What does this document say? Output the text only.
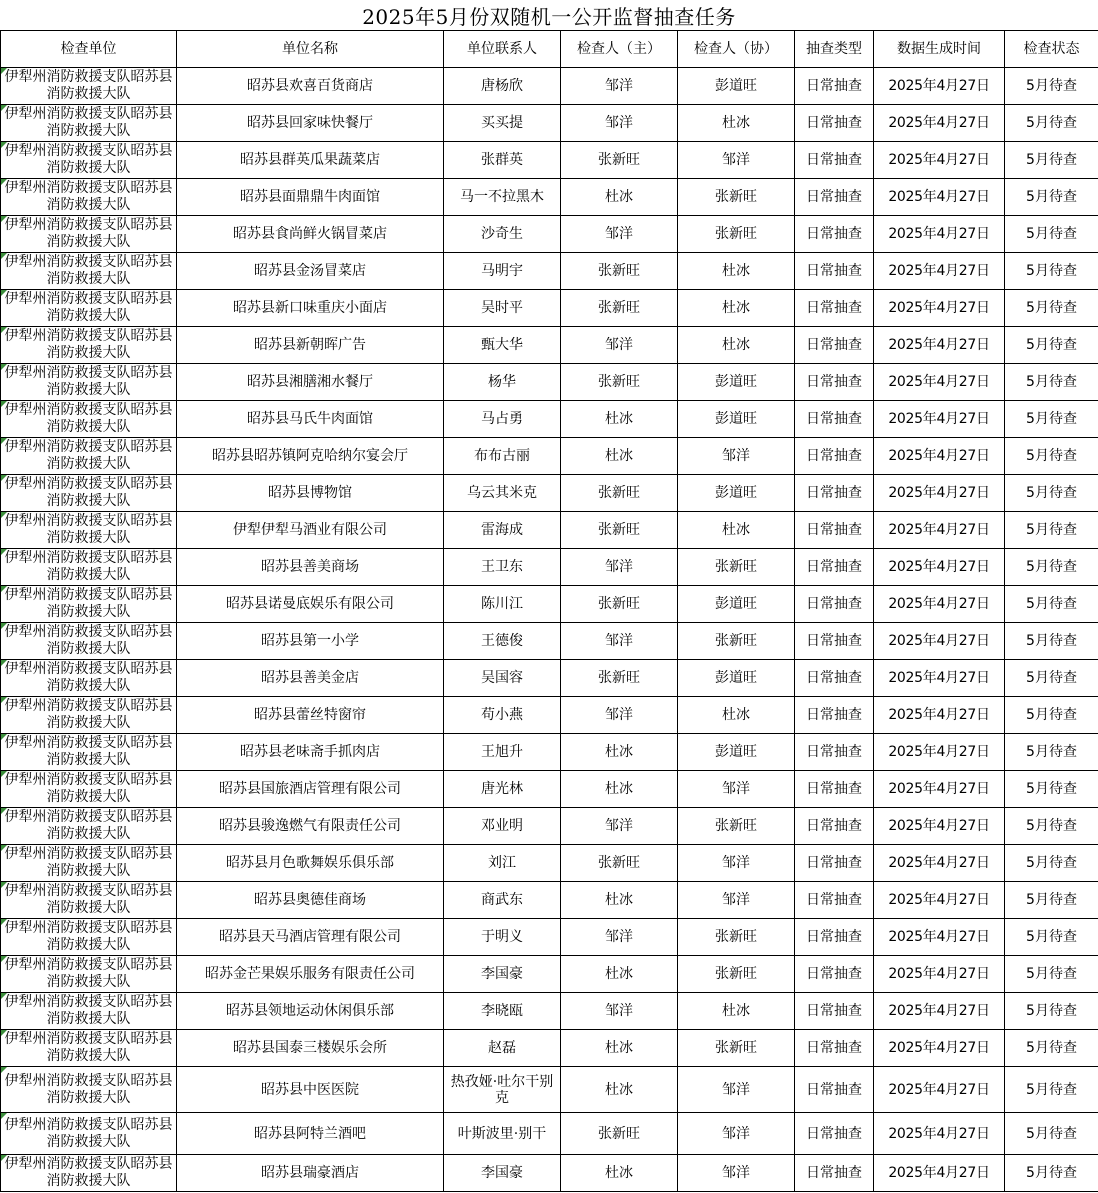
2025年5月份双随机一公开监督抽查任务
检查单位	单位名称	单位联系人	检查人（主）	检查人（协）	抽查类型	数据生成时间	检查状态
伊犁州消防救援支队昭苏县消防救援大队	昭苏县欢喜百货商店	唐杨欣	邹洋	彭道旺	日常抽查	2025年4月27日	5月待查
伊犁州消防救援支队昭苏县消防救援大队	昭苏县回家味快餐厅	买买提	邹洋	杜冰	日常抽查	2025年4月27日	5月待查
伊犁州消防救援支队昭苏县消防救援大队	昭苏县群英瓜果蔬菜店	张群英	张新旺	邹洋	日常抽查	2025年4月27日	5月待查
伊犁州消防救援支队昭苏县消防救援大队	昭苏县面鼎鼎牛肉面馆	马一不拉黑木	杜冰	张新旺	日常抽查	2025年4月27日	5月待查
伊犁州消防救援支队昭苏县消防救援大队	昭苏县食尚鲜火锅冒菜店	沙奇生	邹洋	张新旺	日常抽查	2025年4月27日	5月待查
伊犁州消防救援支队昭苏县消防救援大队	昭苏县金汤冒菜店	马明宇	张新旺	杜冰	日常抽查	2025年4月27日	5月待查
伊犁州消防救援支队昭苏县消防救援大队	昭苏县新口味重庆小面店	吴时平	张新旺	杜冰	日常抽查	2025年4月27日	5月待查
伊犁州消防救援支队昭苏县消防救援大队	昭苏县新朝晖广告	甄大华	邹洋	杜冰	日常抽查	2025年4月27日	5月待查
伊犁州消防救援支队昭苏县消防救援大队	昭苏县湘膳湘水餐厅	杨华	张新旺	彭道旺	日常抽查	2025年4月27日	5月待查
伊犁州消防救援支队昭苏县消防救援大队	昭苏县马氏牛肉面馆	马占勇	杜冰	彭道旺	日常抽查	2025年4月27日	5月待查
伊犁州消防救援支队昭苏县消防救援大队	昭苏县昭苏镇阿克哈纳尔宴会厅	布布古丽	杜冰	邹洋	日常抽查	2025年4月27日	5月待查
伊犁州消防救援支队昭苏县消防救援大队	昭苏县博物馆	乌云其米克	张新旺	彭道旺	日常抽查	2025年4月27日	5月待查
伊犁州消防救援支队昭苏县消防救援大队	伊犁伊犁马酒业有限公司	雷海成	张新旺	杜冰	日常抽查	2025年4月27日	5月待查
伊犁州消防救援支队昭苏县消防救援大队	昭苏县善美商场	王卫东	邹洋	张新旺	日常抽查	2025年4月27日	5月待查
伊犁州消防救援支队昭苏县消防救援大队	昭苏县诺曼底娱乐有限公司	陈川江	张新旺	彭道旺	日常抽查	2025年4月27日	5月待查
伊犁州消防救援支队昭苏县消防救援大队	昭苏县第一小学	王德俊	邹洋	张新旺	日常抽查	2025年4月27日	5月待查
伊犁州消防救援支队昭苏县消防救援大队	昭苏县善美金店	吴国容	张新旺	彭道旺	日常抽查	2025年4月27日	5月待查
伊犁州消防救援支队昭苏县消防救援大队	昭苏县蕾丝特窗帘	苟小燕	邹洋	杜冰	日常抽查	2025年4月27日	5月待查
伊犁州消防救援支队昭苏县消防救援大队	昭苏县老味斋手抓肉店	王旭升	杜冰	彭道旺	日常抽查	2025年4月27日	5月待查
伊犁州消防救援支队昭苏县消防救援大队	昭苏县国旅酒店管理有限公司	唐光林	杜冰	邹洋	日常抽查	2025年4月27日	5月待查
伊犁州消防救援支队昭苏县消防救援大队	昭苏县骏逸燃气有限责任公司	邓业明	邹洋	张新旺	日常抽查	2025年4月27日	5月待查
伊犁州消防救援支队昭苏县消防救援大队	昭苏县月色歌舞娱乐俱乐部	刘江	张新旺	邹洋	日常抽查	2025年4月27日	5月待查
伊犁州消防救援支队昭苏县消防救援大队	昭苏县奥德佳商场	商武东	杜冰	邹洋	日常抽查	2025年4月27日	5月待查
伊犁州消防救援支队昭苏县消防救援大队	昭苏县天马酒店管理有限公司	于明义	邹洋	张新旺	日常抽查	2025年4月27日	5月待查
伊犁州消防救援支队昭苏县消防救援大队	昭苏金芒果娱乐服务有限责任公司	李国豪	杜冰	张新旺	日常抽查	2025年4月27日	5月待查
伊犁州消防救援支队昭苏县消防救援大队	昭苏县领地运动休闲俱乐部	李晓瓯	邹洋	杜冰	日常抽查	2025年4月27日	5月待查
伊犁州消防救援支队昭苏县消防救援大队	昭苏县国泰三楼娱乐会所	赵磊	杜冰	张新旺	日常抽查	2025年4月27日	5月待查
伊犁州消防救援支队昭苏县消防救援大队	昭苏县中医医院	热孜娅·吐尔干别克	杜冰	邹洋	日常抽查	2025年4月27日	5月待查
伊犁州消防救援支队昭苏县消防救援大队	昭苏县阿特兰酒吧	叶斯波里·别干	张新旺	邹洋	日常抽查	2025年4月27日	5月待查
伊犁州消防救援支队昭苏县消防救援大队	昭苏县瑞豪酒店	李国豪	杜冰	邹洋	日常抽查	2025年4月27日	5月待查
